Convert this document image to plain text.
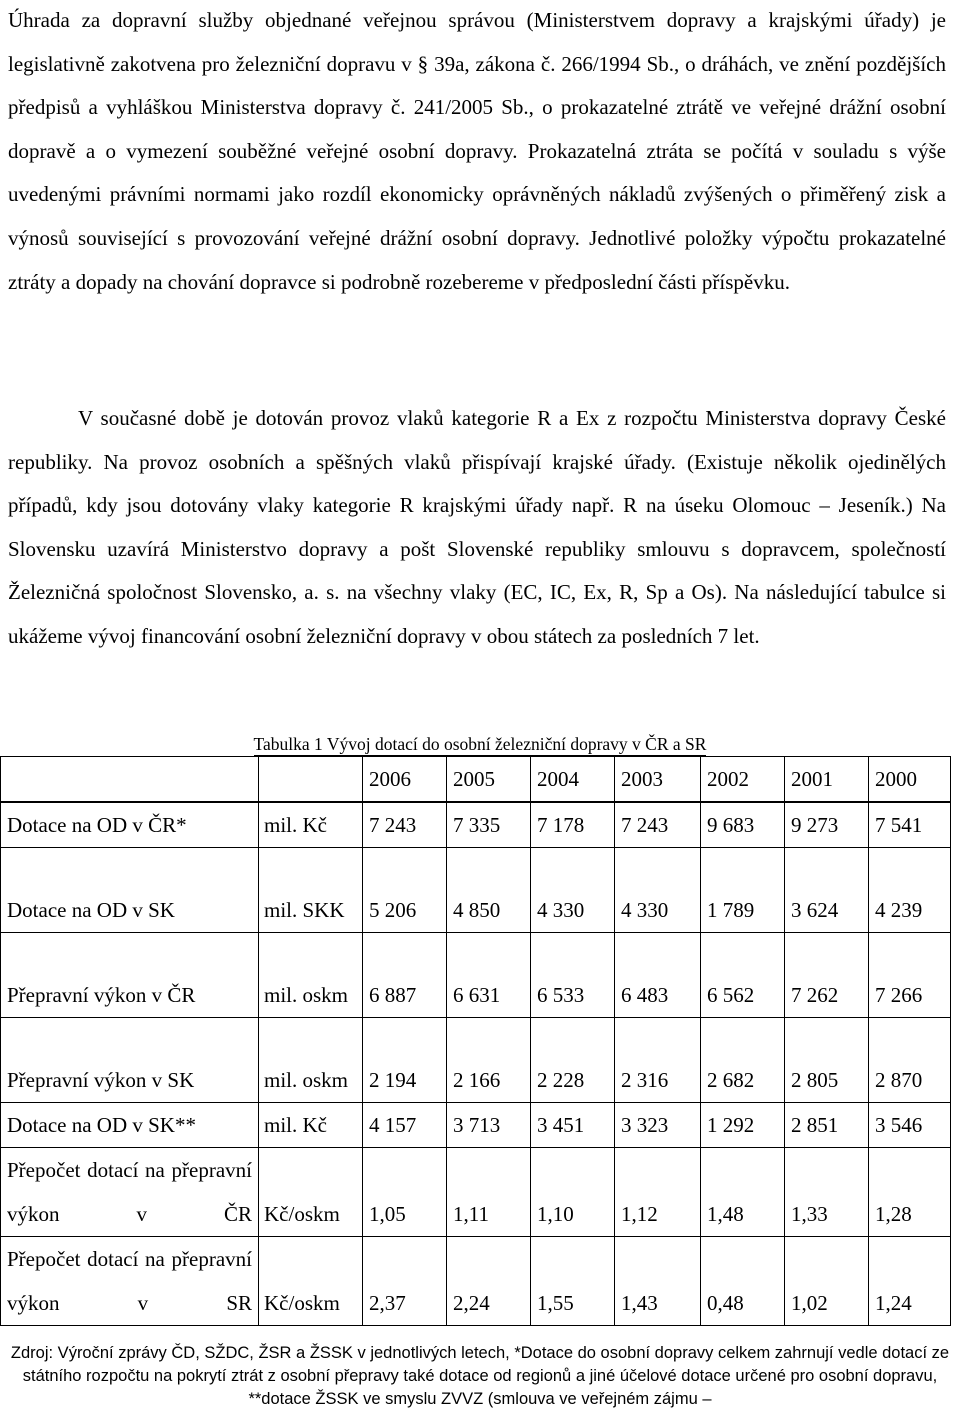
Úhrada za dopravní služby objednané veřejnou správou (Ministerstvem dopravy a krajskými úřady) je legislativně zakotvena pro železniční dopravu v § 39a, zákona č. 266/1994 Sb., o dráhách, ve znění pozdějších předpisů a vyhláškou Ministerstva dopravy č. 241/2005 Sb., o prokazatelné ztrátě ve veřejné drážní osobní dopravě a o vymezení souběžné veřejné osobní dopravy. Prokazatelná ztráta se počítá v souladu s výše uvedenými právními normami jako rozdíl ekonomicky oprávněných nákladů zvýšených o přiměřený zisk a výnosů související s provozování veřejné drážní osobní dopravy. Jednotlivé položky výpočtu prokazatelné ztráty a dopady na chování dopravce si podrobně rozebereme v předposlední části příspěvku.

V současné době je dotován provoz vlaků kategorie R a Ex z rozpočtu Ministerstva dopravy České republiky. Na provoz osobních a spěšných vlaků přispívají krajské úřady. (Existuje několik ojedinělých případů, kdy jsou dotovány vlaky kategorie R krajskými úřady např. R na úseku Olomouc – Jeseník.) Na Slovensku uzavírá Ministerstvo dopravy a pošt Slovenské republiky smlouvu s dopravcem, společností Železničná spoločnost Slovensko, a. s. na všechny vlaky (EC, IC, Ex, R, Sp a Os). Na následující tabulce si ukážeme vývoj financování osobní železniční dopravy v obou státech za posledních 7 let.

Tabulka 1 Vývoj dotací do osobní železniční dopravy v ČR a SR
		2006	2005	2004	2003	2002	2001	2000
Dotace na OD v ČR*	mil. Kč	7 243	7 335	7 178	7 243	9 683	9 273	7 541
Dotace na OD v SK	mil. SKK	5 206	4 850	4 330	4 330	1 789	3 624	4 239
Přepravní výkon v ČR	mil. oskm	6 887	6 631	6 533	6 483	6 562	7 262	7 266
Přepravní výkon v SK	mil. oskm	2 194	2 166	2 228	2 316	2 682	2 805	2 870
Dotace na OD v SK**	mil. Kč	4 157	3 713	3 451	3 323	1 292	2 851	3 546

Přepočet dotací na přepravní výkon v ČR	Kč/oskm	1,05	1,11	1,10	1,12	1,48	1,33	1,28

Přepočet dotací na přepravní výkon v SR	Kč/oskm	2,37	2,24	1,55	1,43	0,48	1,02	1,24
Zdroj: Výroční zprávy ČD, SŽDC, ŽSR a ŽSSK v jednotlivých letech, *Dotace do osobní dopravy celkem zahrnují vedle dotací ze státního rozpočtu na pokrytí ztrát z osobní přepravy také dotace od regionů a jiné účelové dotace určené pro osobní dopravu, **dotace ŽSSK ve smyslu ZVVZ (smlouva ve veřejném zájmu –
